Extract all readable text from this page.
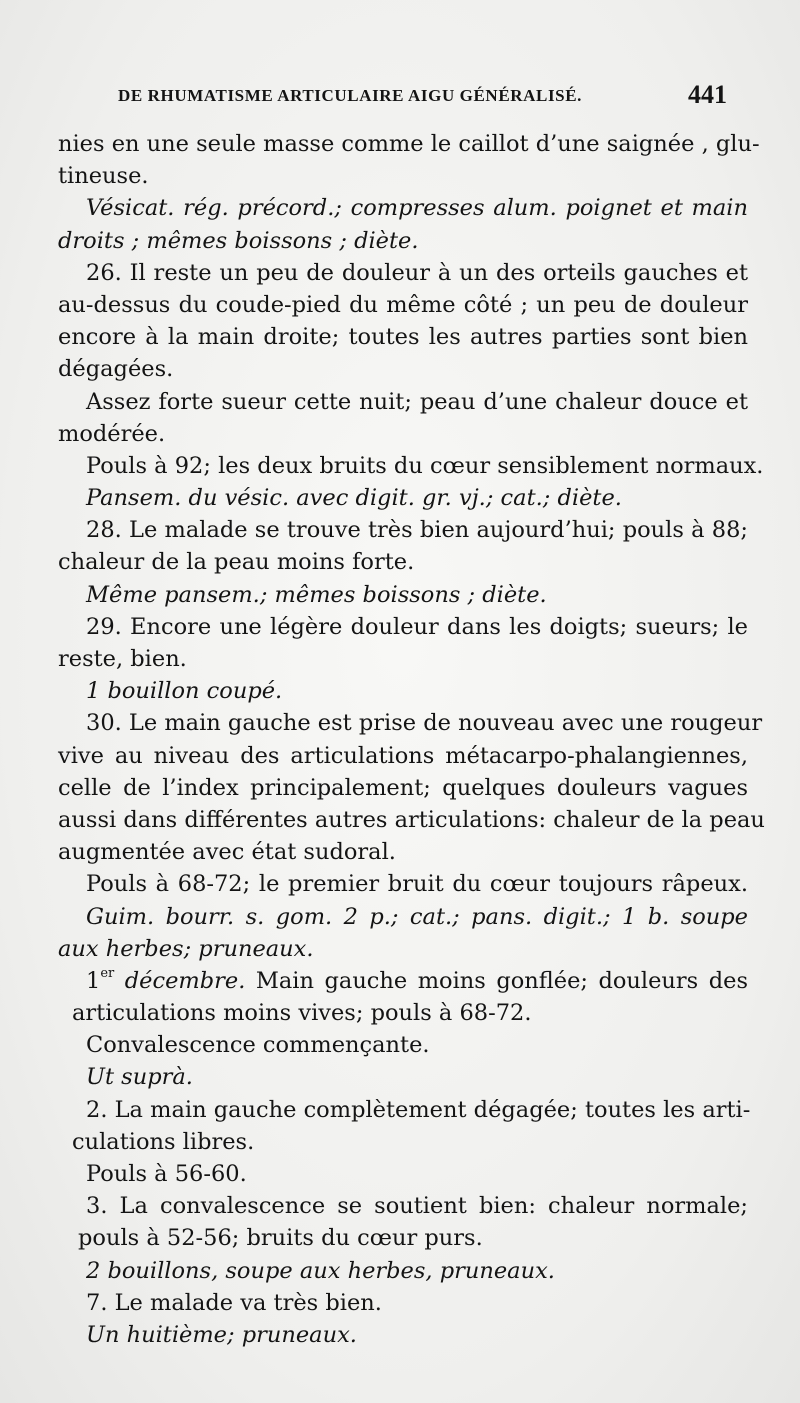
DE RHUMATISME ARTICULAIRE AIGU GÉNÉRALISÉ.	441
nies en une seule masse comme le caillot d’une saignée , glu-
tineuse.
Vésicat. rég. précord.; compresses alum. poignet et main
droits ; mêmes boissons ; diète.
26. Il reste un peu de douleur à un des orteils gauches et
au-dessus du coude-pied du même côté ; un peu de douleur
encore à la main droite; toutes les autres parties sont bien
dégagées.
Assez forte sueur cette nuit; peau d’une chaleur douce et
modérée.
Pouls à 92; les deux bruits du cœur sensiblement normaux.
Pansem. du vésic. avec digit. gr. vj.; cat.; diète.
28. Le malade se trouve très bien aujourd’hui; pouls à 88;
chaleur de la peau moins forte.
Même pansem.; mêmes boissons ; diète.
29. Encore une légère douleur dans les doigts; sueurs; le
reste, bien.
1 bouillon coupé.
30. Le main gauche est prise de nouveau avec une rougeur
vive au niveau des articulations métacarpo-phalangiennes,
celle de l’index principalement; quelques douleurs vagues
aussi dans différentes autres articulations: chaleur de la peau
augmentée avec état sudoral.
Pouls à 68-72; le premier bruit du cœur toujours râpeux.
Guim. bourr. s. gom. 2 p.; cat.; pans. digit.; 1 b. soupe
aux herbes; pruneaux.
1er décembre. Main gauche moins gonflée; douleurs des
articulations moins vives; pouls à 68-72.
Convalescence commençante.
Ut suprà.
2. La main gauche complètement dégagée; toutes les arti-
culations libres.
Pouls à 56-60.
3. La convalescence se soutient bien: chaleur normale;
pouls à 52-56; bruits du cœur purs.
2 bouillons, soupe aux herbes, pruneaux.
7. Le malade va très bien.
Un huitième; pruneaux.
